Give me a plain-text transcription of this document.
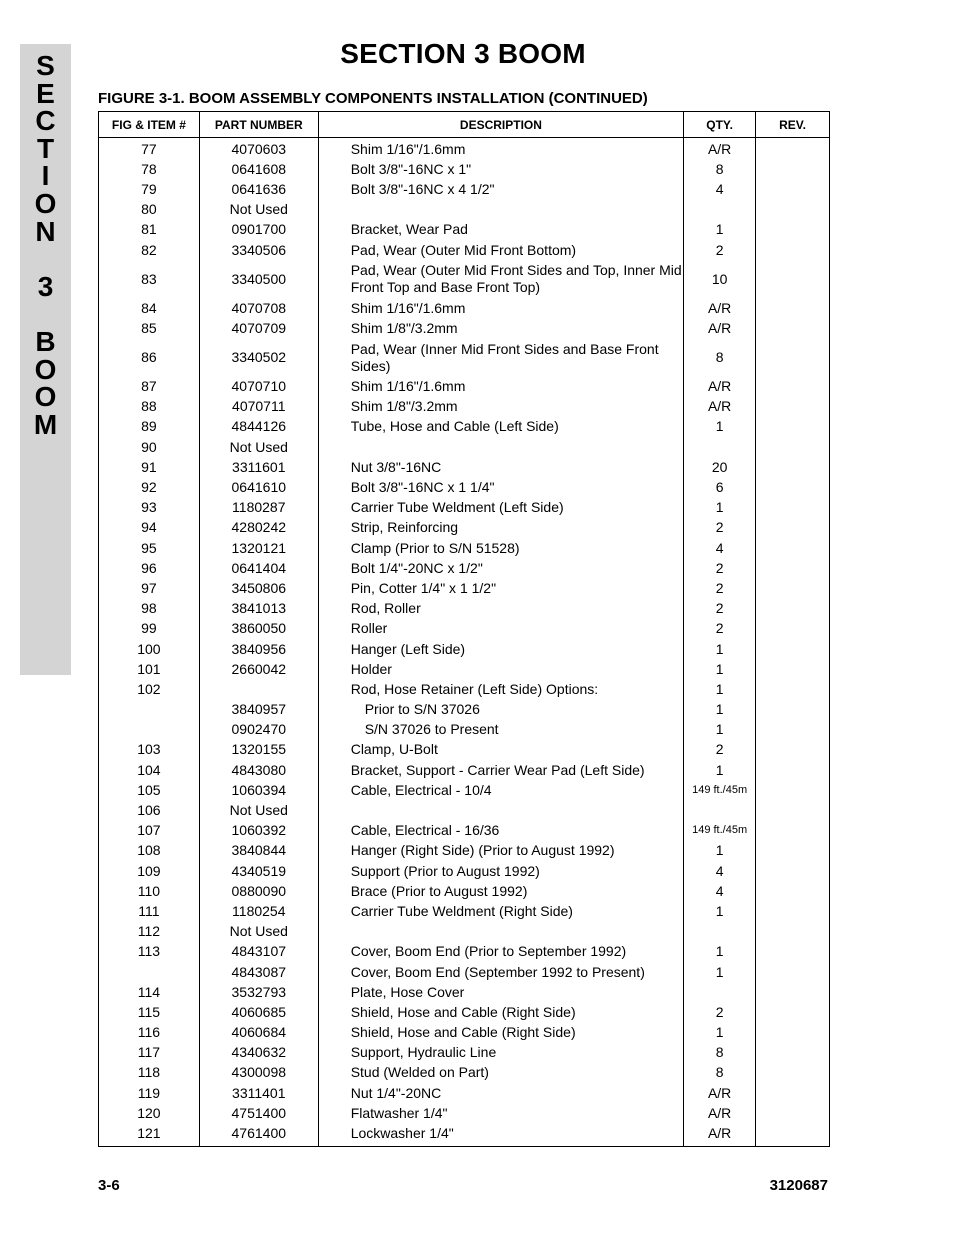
S
E
C
T
I
O
N
3
B
O
O
M
SECTION 3 BOOM
FIGURE 3-1. BOOM ASSEMBLY COMPONENTS INSTALLATION (CONTINUED)
FIG & ITEM #	PART NUMBER	DESCRIPTION	QTY.	REV.
77	4070603	Shim 1/16"/1.6mm	A/R	
78	0641608	Bolt 3/8"-16NC x 1"	8	
79	0641636	Bolt 3/8"-16NC x 4 1/2"	4	
80	Not Used			
81	0901700	Bracket, Wear Pad	1	
82	3340506	Pad, Wear (Outer Mid Front Bottom)	2	
83	3340500	Pad, Wear (Outer Mid Front Sides and Top, Inner Mid Front Top and Base Front Top)	10	
84	4070708	Shim 1/16"/1.6mm	A/R	
85	4070709	Shim 1/8"/3.2mm	A/R	
86	3340502	Pad, Wear (Inner Mid Front Sides and Base Front Sides)	8	
87	4070710	Shim 1/16"/1.6mm	A/R	
88	4070711	Shim 1/8"/3.2mm	A/R	
89	4844126	Tube, Hose and Cable (Left Side)	1	
90	Not Used			
91	3311601	Nut 3/8"-16NC	20	
92	0641610	Bolt 3/8"-16NC x 1 1/4"	6	
93	1180287	Carrier Tube Weldment (Left Side)	1	
94	4280242	Strip, Reinforcing	2	
95	1320121	Clamp (Prior to S/N 51528)	4	
96	0641404	Bolt 1/4"-20NC x 1/2"	2	
97	3450806	Pin, Cotter 1/4" x 1 1/2"	2	
98	3841013	Rod, Roller	2	
99	3860050	Roller	2	
100	3840956	Hanger (Left Side)	1	
101	2660042	Holder	1	
102		Rod, Hose Retainer (Left Side) Options:	1	
	3840957	Prior to S/N 37026	1	
	0902470	S/N 37026 to Present	1	
103	1320155	Clamp, U-Bolt	2	
104	4843080	Bracket, Support - Carrier Wear Pad (Left Side)	1	
105	1060394	Cable, Electrical - 10/4	149 ft./45m	
106	Not Used			
107	1060392	Cable, Electrical - 16/36	149 ft./45m	
108	3840844	Hanger (Right Side) (Prior to August 1992)	1	
109	4340519	Support (Prior to August 1992)	4	
110	0880090	Brace (Prior to August 1992)	4	
111	1180254	Carrier Tube Weldment (Right Side)	1	
112	Not Used			
113	4843107	Cover, Boom End (Prior to September 1992)	1	
	4843087	Cover, Boom End (September 1992 to Present)	1	
114	3532793	Plate, Hose Cover		
115	4060685	Shield, Hose and Cable (Right Side)	2	
116	4060684	Shield, Hose and Cable (Right Side)	1	
117	4340632	Support, Hydraulic Line	8	
118	4300098	Stud (Welded on Part)	8	
119	3311401	Nut 1/4"-20NC	A/R	
120	4751400	Flatwasher 1/4"	A/R	
121	4761400	Lockwasher 1/4"	A/R	
3-6	3120687
